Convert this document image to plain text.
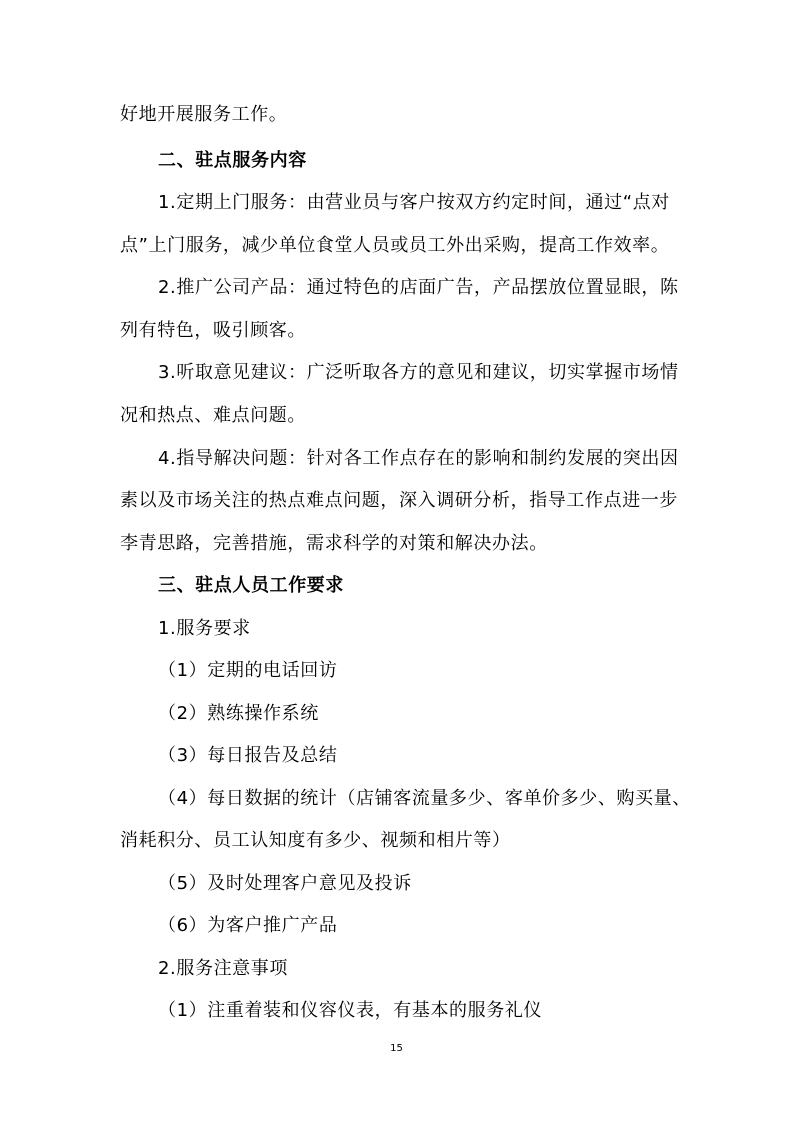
好地开展服务工作。
二、驻点服务内容
1.定期上门服务：由营业员与客户按双方约定时间，通过“点对
点”上门服务，减少单位食堂人员或员工外出采购，提高工作效率。
2.推广公司产品：通过特色的店面广告，产品摆放位置显眼，陈
列有特色，吸引顾客。
3.听取意见建议：广泛听取各方的意见和建议，切实掌握市场情
况和热点、难点问题。
4.指导解决问题：针对各工作点存在的影响和制约发展的突出因
素以及市场关注的热点难点问题，深入调研分析，指导工作点进一步
李青思路，完善措施，需求科学的对策和解决办法。
三、驻点人员工作要求
1.服务要求
（1）定期的电话回访
（2）熟练操作系统
（3）每日报告及总结
（4）每日数据的统计（店铺客流量多少、客单价多少、购买量、
消耗积分、员工认知度有多少、视频和相片等）
（5）及时处理客户意见及投诉
（6）为客户推广产品
2.服务注意事项
（1）注重着装和仪容仪表，有基本的服务礼仪
15
